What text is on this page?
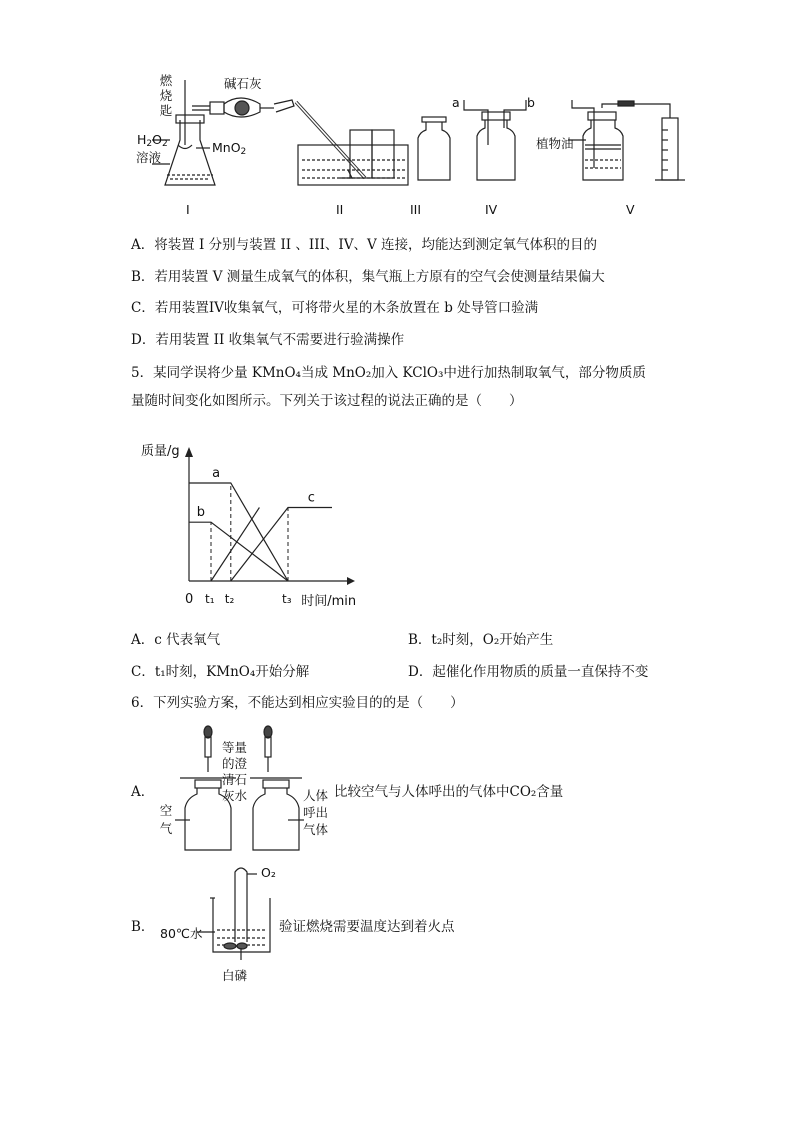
燃
烧
匙
碱石灰
$H_2O_2$
溶液
MnO$_2$
a	b
植物油
I	II	III	IV	V
A．将装置 I 分别与装置 II 、III、IV、V 连接，均能达到测定氧气体积的目的
B．若用装置 V 测量生成氧气的体积，集气瓶上方原有的空气会使测量结果偏大
C．若用装置IV收集氧气，可将带火星的木条放置在 b 处导管口验满
D．若用装置 II 收集氧气不需要进行验满操作
5．某同学误将少量 KMnO₄当成 MnO₂加入 KClO₃中进行加热制取氧气，部分物质质
量随时间变化如图所示。下列关于该过程的说法正确的是（　　）
a
b
c
质量/g
时间/min
0 t₁ t₂	t₃
A．c 代表氧气	B．t₂时刻，O₂开始产生
C．t₁时刻，KMnO₄开始分解	D．起催化作用物质的质量一直保持不变
6．下列实验方案，不能达到相应实验目的的是（　　）
A．
等量
的澄
清石
灰水
空
气
人体
呼出
气体
比较空气与人体呼出的气体中CO₂含量
B．
O₂
80℃水
白磷
验证燃烧需要温度达到着火点
